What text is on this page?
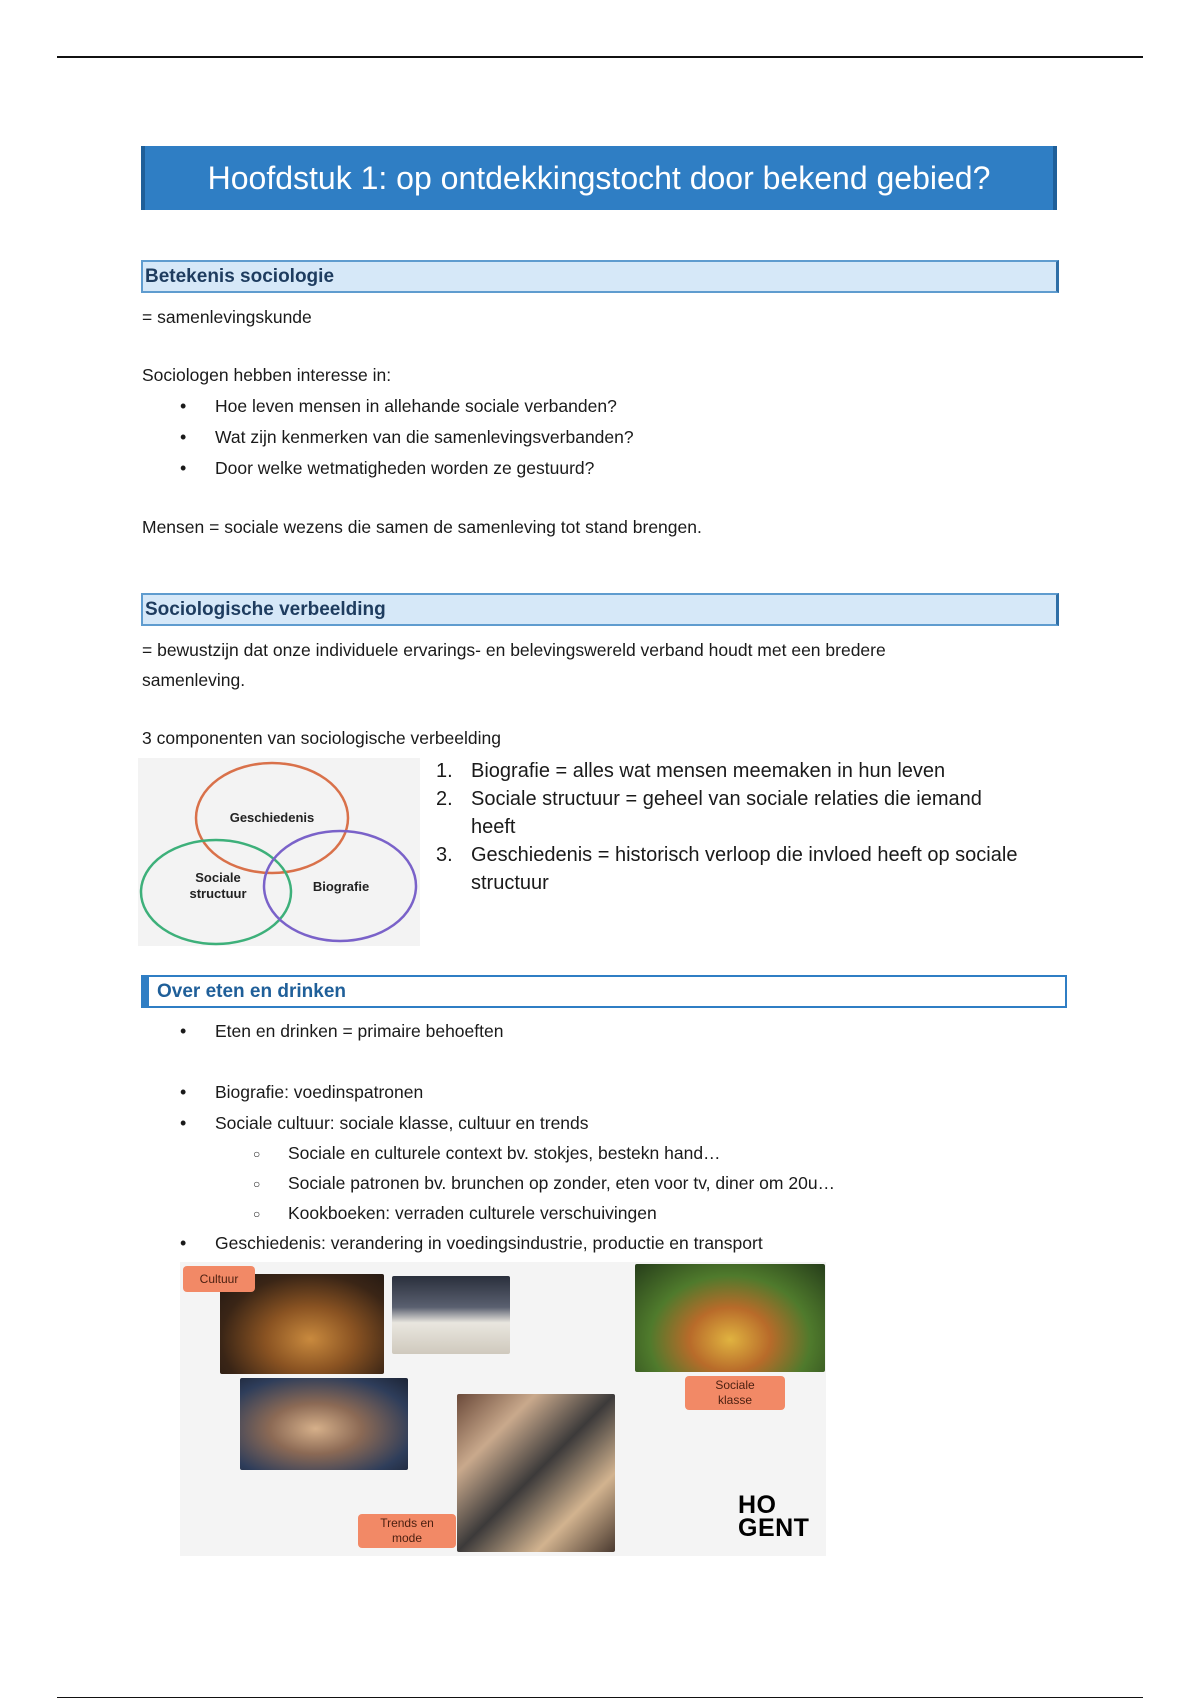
Hoofdstuk 1: op ontdekkingstocht door bekend gebied?
Betekenis sociologie
= samenlevingskunde
Sociologen hebben interesse in:
• Hoe leven mensen in allehande sociale verbanden?
• Wat zijn kenmerken van die samenlevingsverbanden?
• Door welke wetmatigheden worden ze gestuurd?
Mensen = sociale wezens die samen de samenleving tot stand brengen.
Sociologische verbeelding
= bewustzijn dat onze individuele ervarings- en belevingswereld verband houdt met een bredere
samenleving.
3 componenten van sociologische verbeelding
Geschiedenis
Sociale
structuur	Biografie
1. Biografie = alles wat mensen meemaken in hun leven
2. Sociale structuur = geheel van sociale relaties die iemand
heeft
3. Geschiedenis = historisch verloop die invloed heeft op sociale
structuur
Over eten en drinken
• Eten en drinken = primaire behoeften
• Biografie: voedinspatronen
• Sociale cultuur: sociale klasse, cultuur en trends
○ Sociale en culturele context bv. stokjes, bestekn hand…
○ Sociale patronen bv. brunchen op zonder, eten voor tv, diner om 20u…
○ Kookboeken: verraden culturele verschuivingen
• Geschiedenis: verandering in voedingsindustrie, productie en transport
Cultuur
Sociale
klasse
Trends en
mode
HO
GENT
